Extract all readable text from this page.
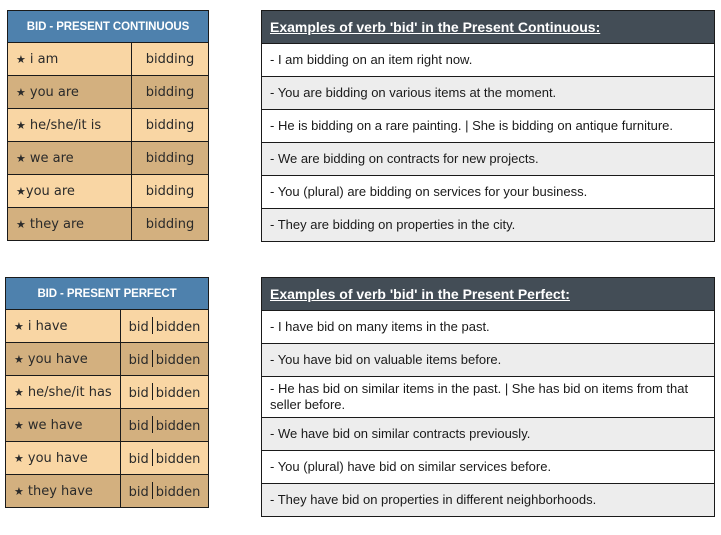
BID - PRESENT CONTINUOUS	
★ i am	bidding
★ you are	bidding
★ he/she/it is	bidding
★ we are	bidding
★you are	bidding
★ they are	bidding
Examples of verb 'bid' in the Present Continuous:
- I am bidding on an item right now.
- You are bidding on various items at the moment.
- He is bidding on a rare painting. | She is bidding on antique furniture.
- We are bidding on contracts for new projects.
- You (plural) are bidding on services for your business.
- They are bidding on properties in the city.
BID - PRESENT PERFECT	
★ i have	bid bidden
★ you have	bid bidden
★ he/she/it has	bid bidden
★ we have	bid bidden
★ you have	bid bidden
★ they have	bid bidden
Examples of verb 'bid' in the Present Perfect:
- I have bid on many items in the past.
- You have bid on valuable items before.
- He has bid on similar items in the past. | She has bid on items from that seller before.
- We have bid on similar contracts previously.
- You (plural) have bid on similar services before.
- They have bid on properties in different neighborhoods.
